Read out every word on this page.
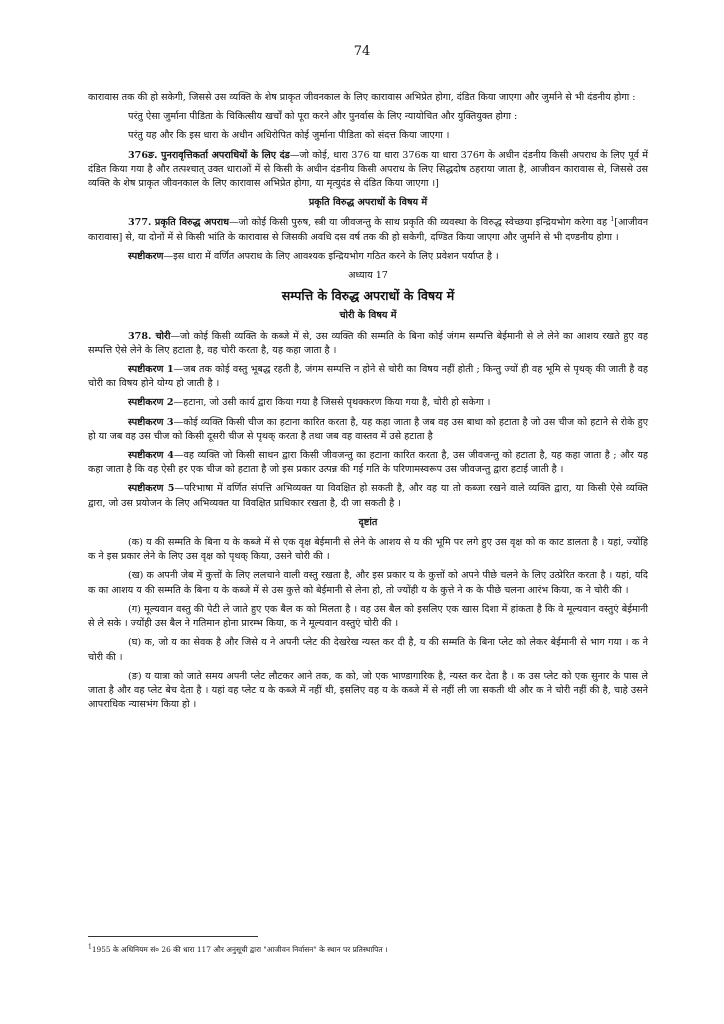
74

कारावास तक की हो सकेगी, जिससे उस व्यक्ति के शेष प्राकृत जीवनकाल के लिए कारावास अभिप्रेत होगा, दंडित किया जाएगा और जुर्माने से भी दंडनीय होगा :

परंतु ऐसा जुर्माना पीडिता के चिकित्सीय खर्चों को पूरा करने और पुनर्वास के लिए न्यायोचित और युक्तियुक्त होगा :

परंतु यह और कि इस धारा के अधीन अधिरोपित कोई जुर्माना पीडिता को संदत्त किया जाएगा ।

376ङ. पुनरावृत्तिकर्ता अपराधियों के लिए दंड—जो कोई, धारा 376 या धारा 376क या धारा 376ग के अधीन दंडनीय किसी अपराध के लिए पूर्व में दंडित किया गया है और तत्पश्चात् उक्त धाराओं में से किसी के अधीन दंडनीय किसी अपराध के लिए सिद्धदोष ठहराया जाता है, आजीवन कारावास से, जिससे उस व्यक्ति के शेष प्राकृत जीवनकाल के लिए कारावास अभिप्रेत होगा, या मृत्युदंड से दंडित किया जाएगा ।]

प्रकृति विरुद्ध अपराधों के विषय में

377. प्रकृति विरुद्ध अपराध—जो कोई किसी पुरुष, स्त्री या जीवजन्तु के साथ प्रकृति की व्यवस्था के विरुद्ध स्वेच्छया इन्द्रियभोग करेगा वह $^1$[आजीवन कारावास] से, या दोनों में से किसी भांति के कारावास से जिसकी अवधि दस वर्ष तक की हो सकेगी, दण्डित किया जाएगा और जुर्माने से भी दण्डनीय होगा ।

स्पष्टीकरण—इस धारा में वर्णित अपराध के लिए आवश्यक इन्द्रियभोग गठित करने के लिए प्रवेशन पर्याप्त है ।

अध्याय 17
सम्पत्ति के विरुद्ध अपराधों के विषय में
चोरी के विषय में

378. चोरी—जो कोई किसी व्यक्ति के कब्जे में से, उस व्यक्ति की सम्मति के बिना कोई जंगम सम्पत्ति बेईमानी से ले लेने का आशय रखते हुए वह सम्पत्ति ऐसे लेने के लिए हटाता है, वह चोरी करता है, यह कहा जाता है ।

स्पष्टीकरण 1—जब तक कोई वस्तु भूबद्ध रहती है, जंगम सम्पत्ति न होने से चोरी का विषय नहीं होती ; किन्तु ज्यों ही वह भूमि से पृथक् की जाती है वह चोरी का विषय होने योग्य हो जाती है ।

स्पष्टीकरण 2—हटाना, जो उसी कार्य द्वारा किया गया है जिससे पृथक्करण किया गया है, चोरी हो सकेगा ।

स्पष्टीकरण 3—कोई व्यक्ति किसी चीज का हटाना कारित करता है, यह कहा जाता है जब वह उस बाधा को हटाता है जो उस चीज को हटाने से रोके हुए हो या जब वह उस चीज को किसी दूसरी चीज से पृथक् करता है तथा जब वह वास्तव में उसे हटाता है

स्पष्टीकरण 4—वह व्यक्ति जो किसी साधन द्वारा किसी जीवजन्तु का हटाना कारित करता है, उस जीवजन्तु को हटाता है, यह कहा जाता है ; और यह कहा जाता है कि वह ऐसी हर एक चीज को हटाता है जो इस प्रकार उत्पन्न की गई गति के परिणामस्वरूप उस जीवजन्तु द्वारा हटाई जाती है ।

स्पष्टीकरण 5—परिभाषा में वर्णित संपत्ति अभिव्यक्त या विवक्षित हो सकती है, और वह या तो कब्जा रखने वाले व्यक्ति द्वारा, या किसी ऐसे व्यक्ति द्वारा, जो उस प्रयोजन के लिए अभिव्यक्त या विवक्षित प्राधिकार रखता है, दी जा सकती है ।

दृष्टांत

(क) य की सम्मति के बिना य के कब्जे में से एक वृक्ष बेईमानी से लेने के आशय से य की भूमि पर लगे हुए उस वृक्ष को क काट डालता है । यहां, ज्योंहि क ने इस प्रकार लेने के लिए उस वृक्ष को पृथक् किया, उसने चोरी की ।

(ख) क अपनी जेब में कुत्तों के लिए ललचाने वाली वस्तु रखता है, और इस प्रकार य के कुत्तों को अपने पीछे चलने के लिए उत्प्रेरित करता है । यहां, यदि क का आशय य की सम्मति के बिना य के कब्जे में से उस कुत्ते को बेईमानी से लेना हो, तो ज्योंही य के कुत्ते ने क के पीछे चलना आरंभ किया, क ने चोरी की ।

(ग) मूल्यवान वस्तु की पेटी ले जाते हुए एक बैल क को मिलता है । वह उस बैल को इसलिए एक खास दिशा में हांकता है कि वे मूल्यवान वस्तुएं बेईमानी से ले सके । ज्योंही उस बैल ने गतिमान होना प्रारम्भ किया, क ने मूल्यवान वस्तुएं चोरी की ।

(घ) क, जो य का सेवक है और जिसे य ने अपनी प्लेट की देखरेख न्यस्त कर दी है, य की सम्मति के बिना प्लेट को लेकर बेईमानी से भाग गया । क ने चोरी की ।

(ङ) य यात्रा को जाते समय अपनी प्लेट लौटकर आने तक, क को, जो एक भाण्डागारिक है, न्यस्त कर देता है । क उस प्लेट को एक सुनार के पास ले जाता है और वह प्लेट बेच देता है । यहां वह प्लेट य के कब्जे में नहीं थी, इसलिए वह य के कब्जे में से नहीं ली जा सकती थी और क ने चोरी नहीं की है, चाहे उसने आपराधिक न्यासभंग किया हो ।

$^1$1955 के अधिनियम सं० 26 की धारा 117 और अनुसूची द्वारा "आजीवन निर्वासन" के स्थान पर प्रतिस्थापित ।
